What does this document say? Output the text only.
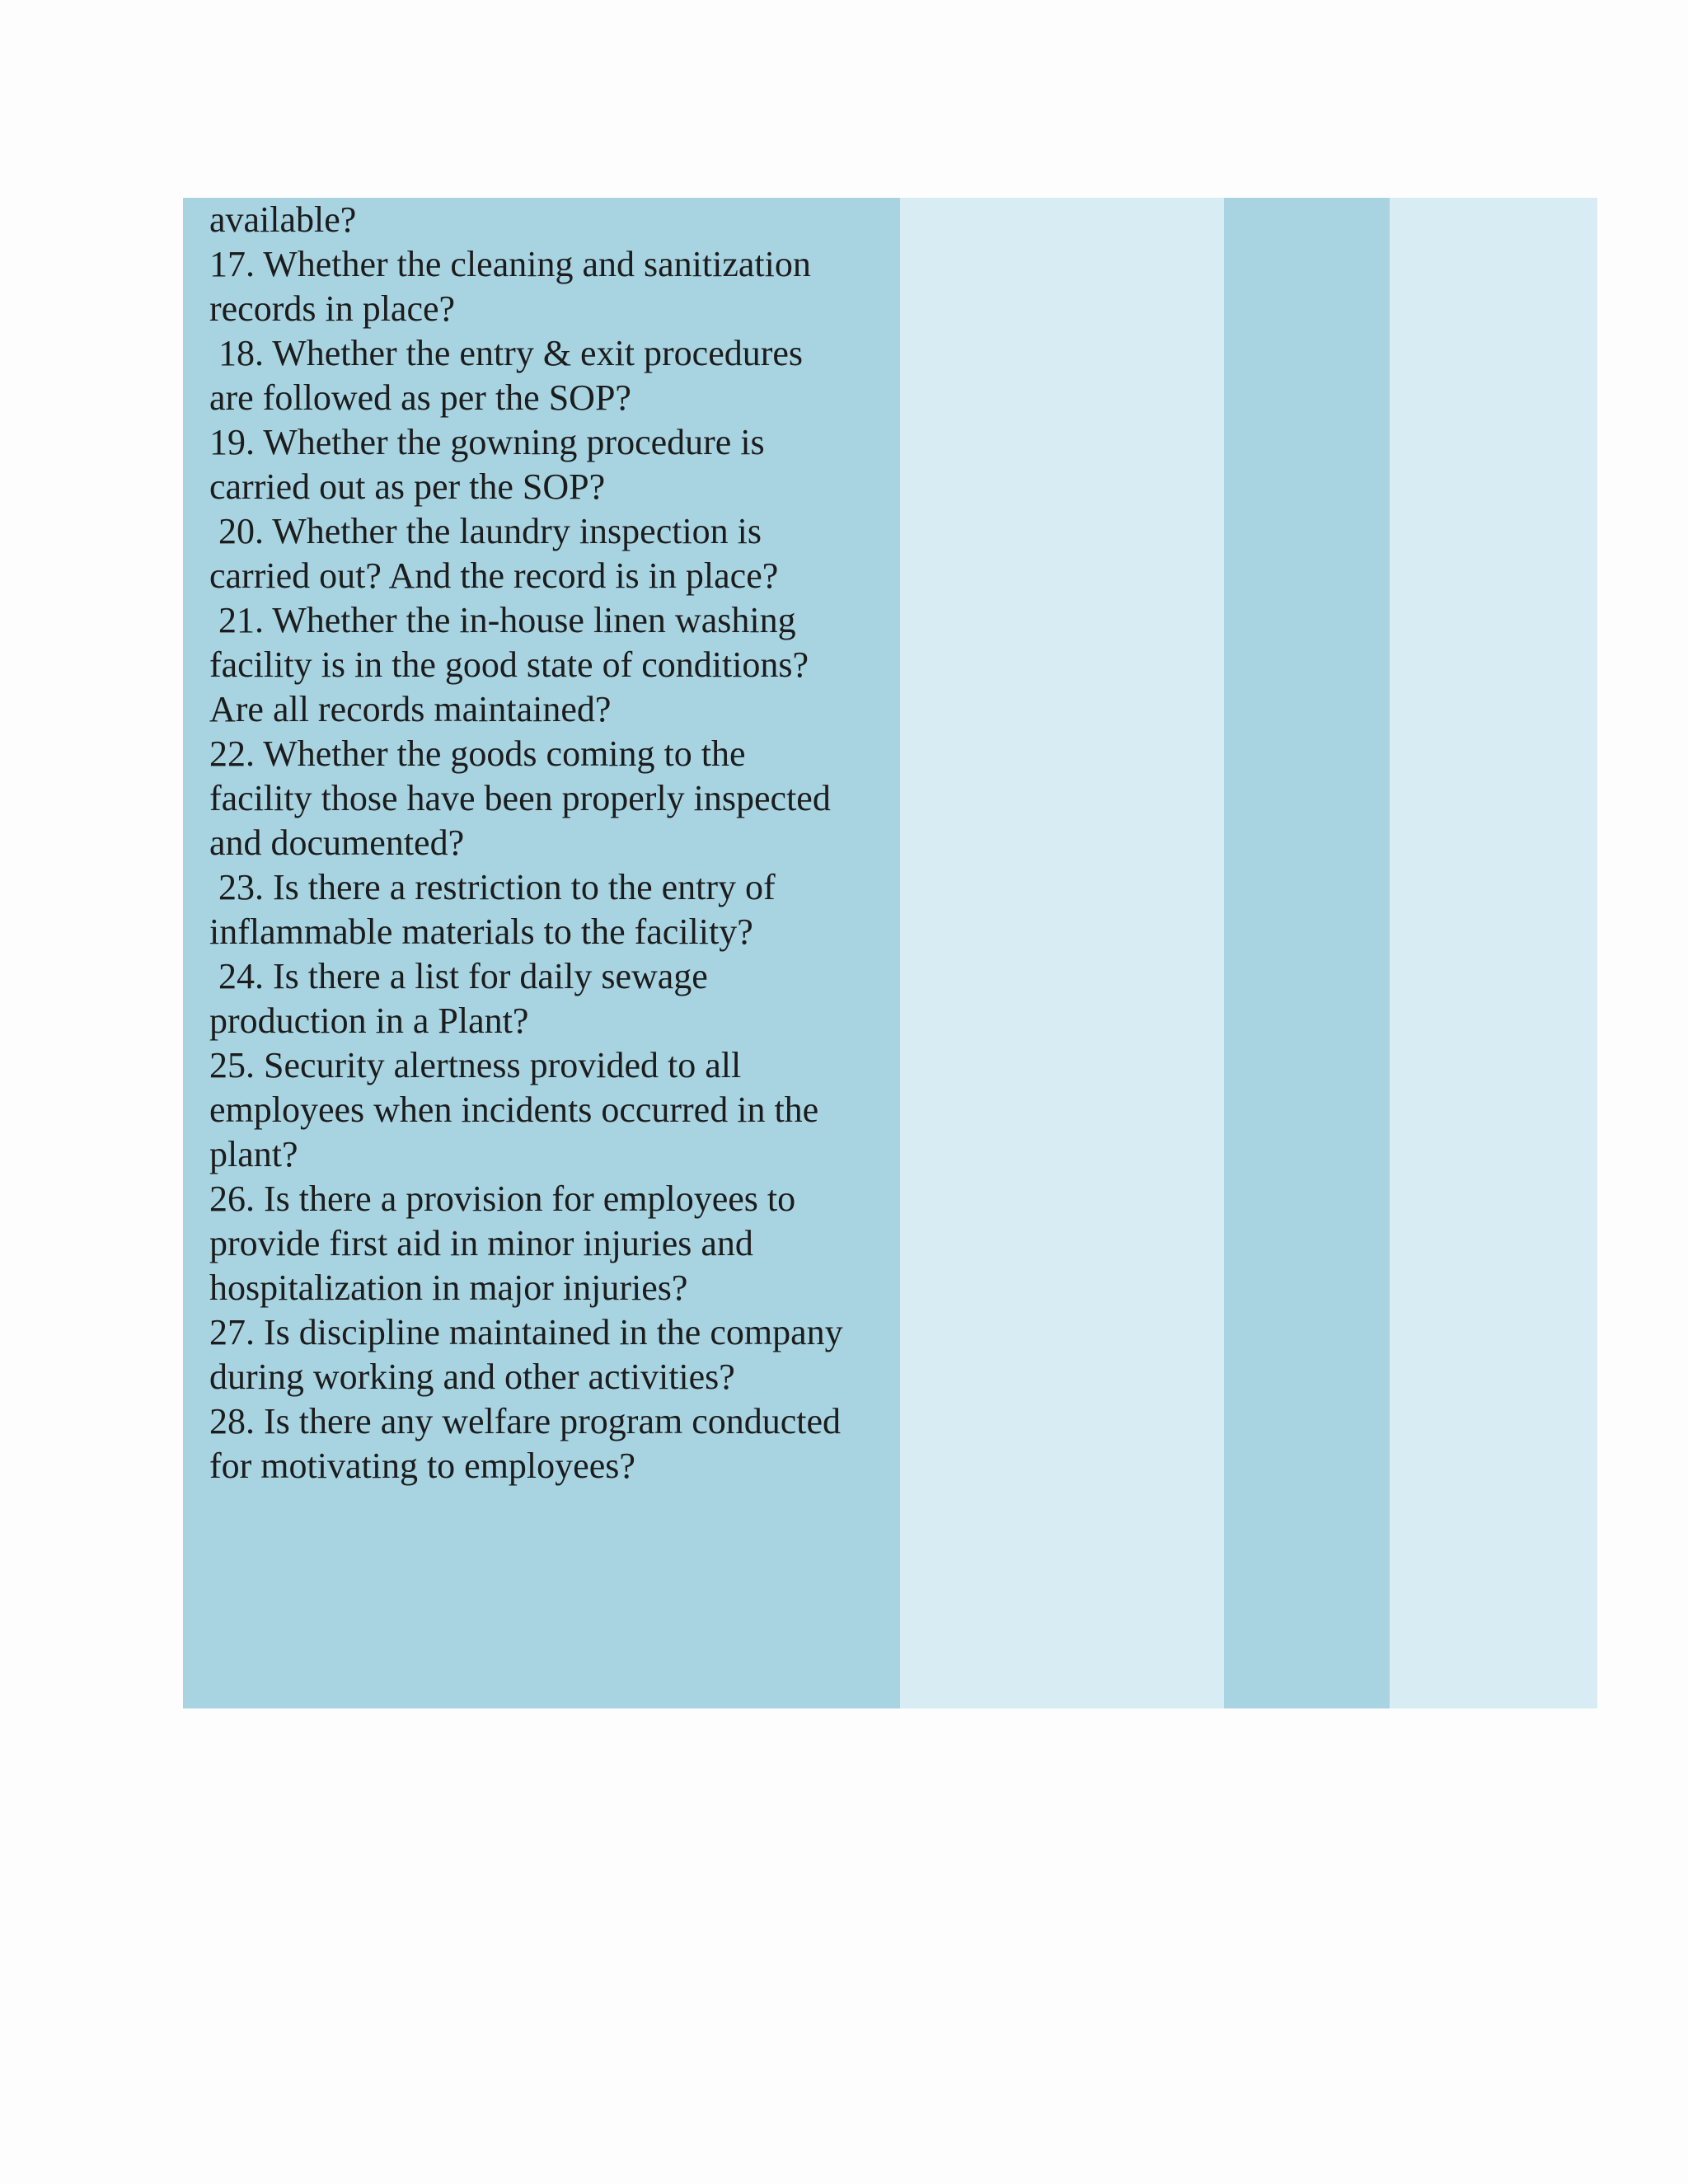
available?
17. Whether the cleaning and sanitization
records in place?
18. Whether the entry & exit procedures
are followed as per the SOP?
19. Whether the gowning procedure is
carried out as per the SOP?
20. Whether the laundry inspection is
carried out? And the record is in place?
21. Whether the in-house linen washing
facility is in the good state of conditions?
Are all records maintained?
22. Whether the goods coming to the
facility those have been properly inspected
and documented?
23. Is there a restriction to the entry of
inflammable materials to the facility?
24. Is there a list for daily sewage
production in a Plant?
25. Security alertness provided to all
employees when incidents occurred in the
plant?
26. Is there a provision for employees to
provide first aid in minor injuries and
hospitalization in major injuries?
27. Is discipline maintained in the company
during working and other activities?
28. Is there any welfare program conducted
for motivating to employees?
